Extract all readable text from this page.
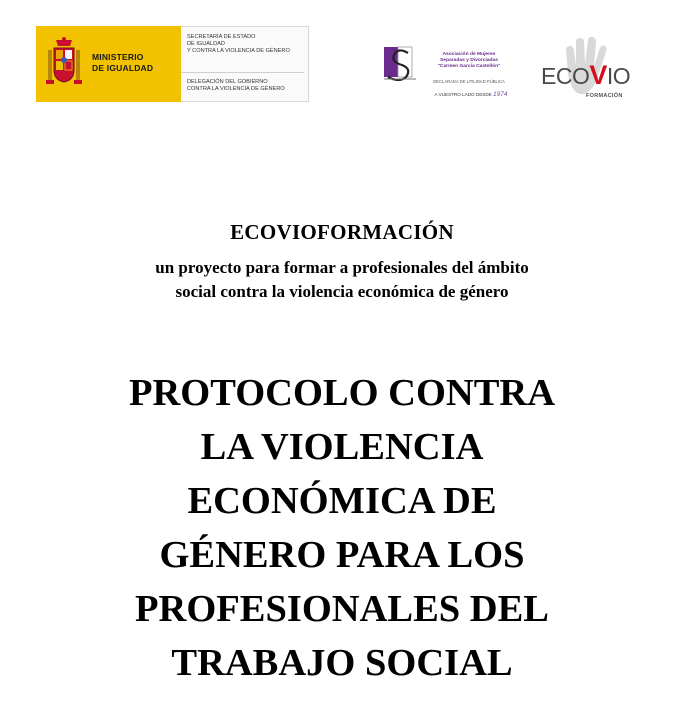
MINISTERIO
DE IGUALDAD
SECRETARÍA DE ESTADO
DE IGUALDAD
Y CONTRA LA VIOLENCIA DE GÉNERO
DELEGACIÓN DEL GOBIERNO
CONTRA LA VIOLENCIA DE GÉNERO
Asociación de Mujeres
Separadas y Divorciadas
"Carmen García Castellón"
DECLARADA DE UTILIDAD PÚBLICA
A VUESTRO LADO DESDE 1974
ECOVIO
FORMACIÓN
ECOVIOFORMACIÓN
un proyecto para formar a profesionales del ámbito
social contra la violencia económica de género
PROTOCOLO CONTRA
LA VIOLENCIA
ECONÓMICA DE
GÉNERO PARA LOS
PROFESIONALES DEL
TRABAJO SOCIAL
